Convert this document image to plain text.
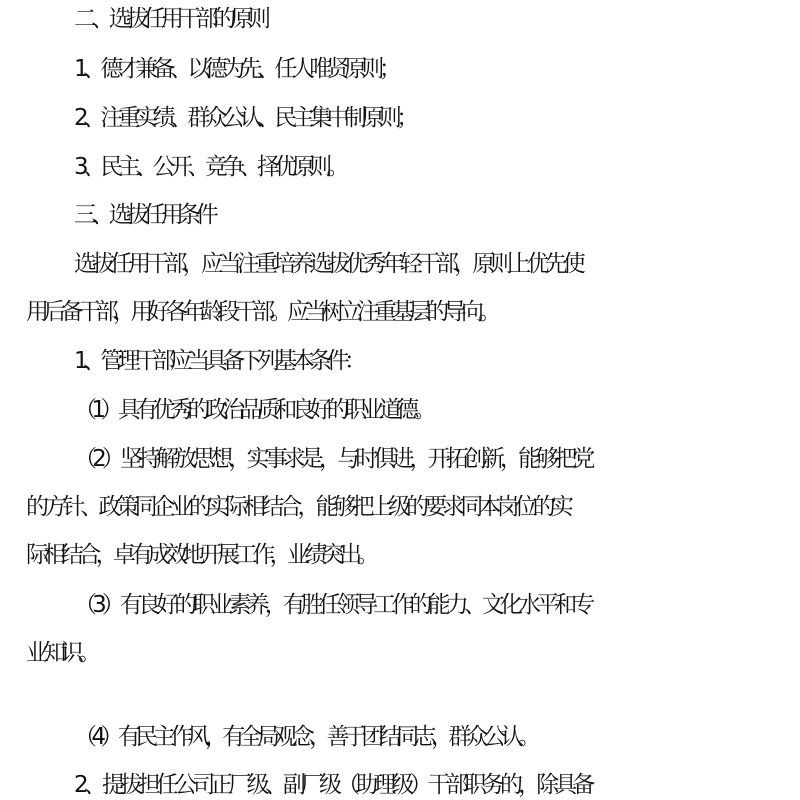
二、选拔任用干部的原则

1、德才兼备、以德为先、任人唯贤原则；

2、注重实绩、群众公认、民主集中制原则；

3、民主、公开、竞争、择优原则。

三、选拔任用条件

选拔任用干部，应当注重培养选拔优秀年轻干部，原则上优先使

用后备干部，用好各年龄段干部。应当树立注重基层的导向。

1、管理干部应当具备下列基本条件：

（1）具有优秀的政治品质和良好的职业道德。

（2）坚持解放思想，实事求是，与时俱进，开拓创新，能够把党

的方针、政策同企业的实际相结合，能够把上级的要求同本岗位的实

际相结合，卓有成效地开展工作，业绩突出。

（3）有良好的职业素养，有胜任领导工作的能力、文化水平和专

业知识。

（4）有民主作风，有全局观念，善于团结同志，群众公认。

2、提拔担任公司正厂级、副厂级（助理级）干部职务的，除具备
